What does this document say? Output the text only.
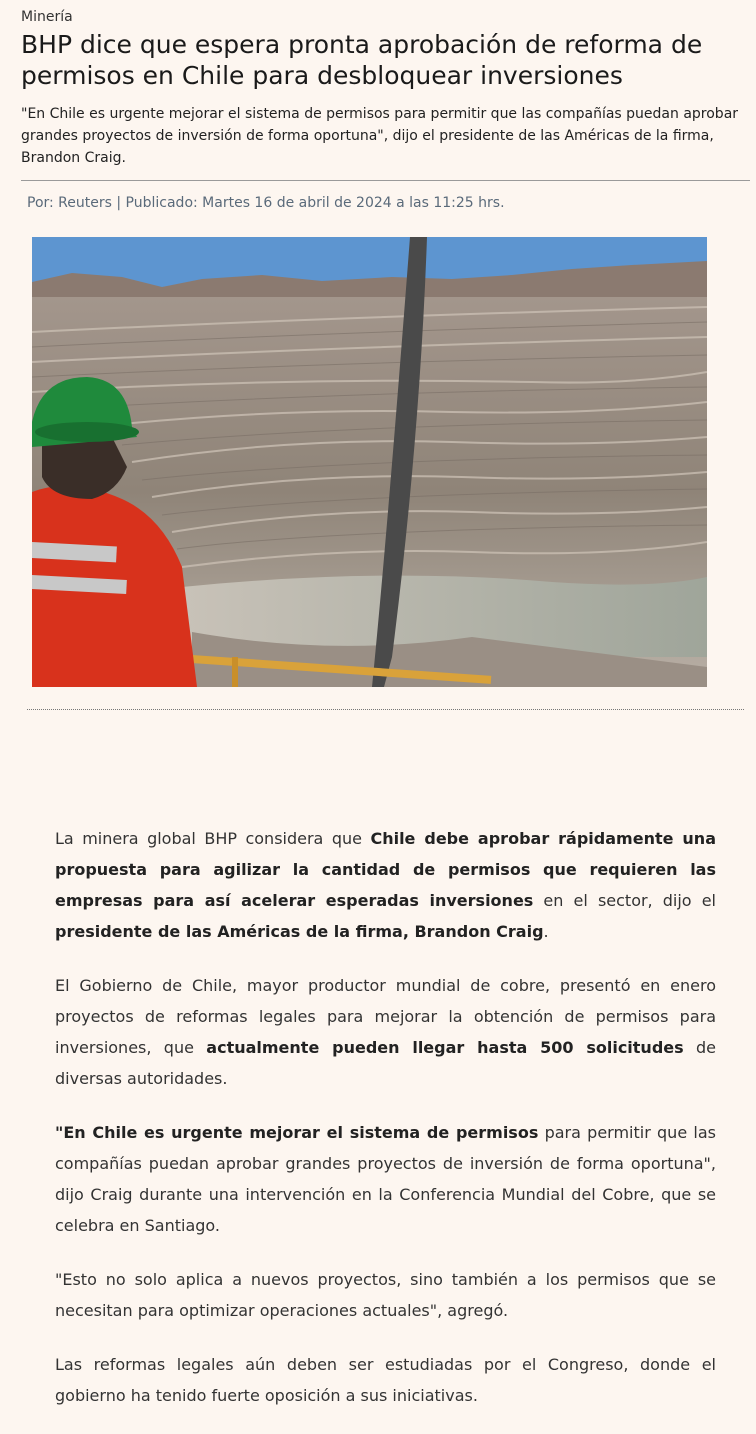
Minería
BHP dice que espera pronta aprobación de reforma de permisos en Chile para desbloquear inversiones

"En Chile es urgente mejorar el sistema de permisos para permitir que las compañías puedan aprobar grandes proyectos de inversión de forma oportuna", dijo el presidente de las Américas de la firma, Brandon Craig.

Por: Reuters | Publicado: Martes 16 de abril de 2024 a las 11:25 hrs.

La minera global BHP considera que Chile debe aprobar rápidamente una propuesta para agilizar la cantidad de permisos que requieren las empresas para así acelerar esperadas inversiones en el sector, dijo el presidente de las Américas de la firma, Brandon Craig.

El Gobierno de Chile, mayor productor mundial de cobre, presentó en enero proyectos de reformas legales para mejorar la obtención de permisos para inversiones, que actualmente pueden llegar hasta 500 solicitudes de diversas autoridades.

"En Chile es urgente mejorar el sistema de permisos para permitir que las compañías puedan aprobar grandes proyectos de inversión de forma oportuna", dijo Craig durante una intervención en la Conferencia Mundial del Cobre, que se celebra en Santiago.

"Esto no solo aplica a nuevos proyectos, sino también a los permisos que se necesitan para optimizar operaciones actuales", agregó.

Las reformas legales aún deben ser estudiadas por el Congreso, donde el gobierno ha tenido fuerte oposición a sus iniciativas.
